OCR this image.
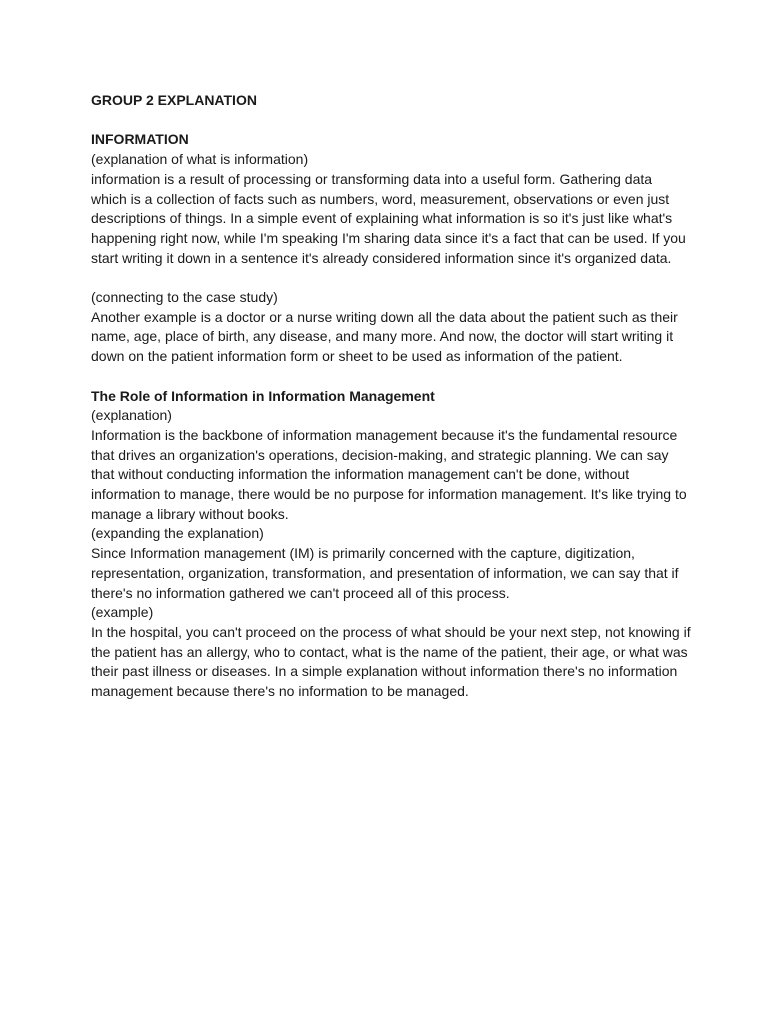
GROUP 2 EXPLANATION

INFORMATION

(explanation of what is information)

information is a result of processing or transforming data into a useful form. Gathering data which is a collection of facts such as numbers, word, measurement, observations or even just descriptions of things. In a simple event of explaining what information is so it's just like what's happening right now, while I'm speaking I'm sharing data since it's a fact that can be used. If you start writing it down in a sentence it's already considered information since it's organized data.

(connecting to the case study)

Another example is a doctor or a nurse writing down all the data about the patient such as their name, age, place of birth, any disease, and many more. And now, the doctor will start writing it down on the patient information form or sheet to be used as information of the patient.

The Role of Information in Information Management

(explanation)

Information is the backbone of information management because it's the fundamental resource that drives an organization's operations, decision-making, and strategic planning. We can say that without conducting information the information management can't be done, without information to manage, there would be no purpose for information management. It's like trying to manage a library without books.

(expanding the explanation)

Since Information management (IM) is primarily concerned with the capture, digitization, representation, organization, transformation, and presentation of information, we can say that if there's no information gathered we can't proceed all of this process.

(example)

In the hospital, you can't proceed on the process of what should be your next step, not knowing if the patient has an allergy, who to contact, what is the name of the patient, their age, or what was their past illness or diseases. In a simple explanation without information there's no information management because there's no information to be managed.
